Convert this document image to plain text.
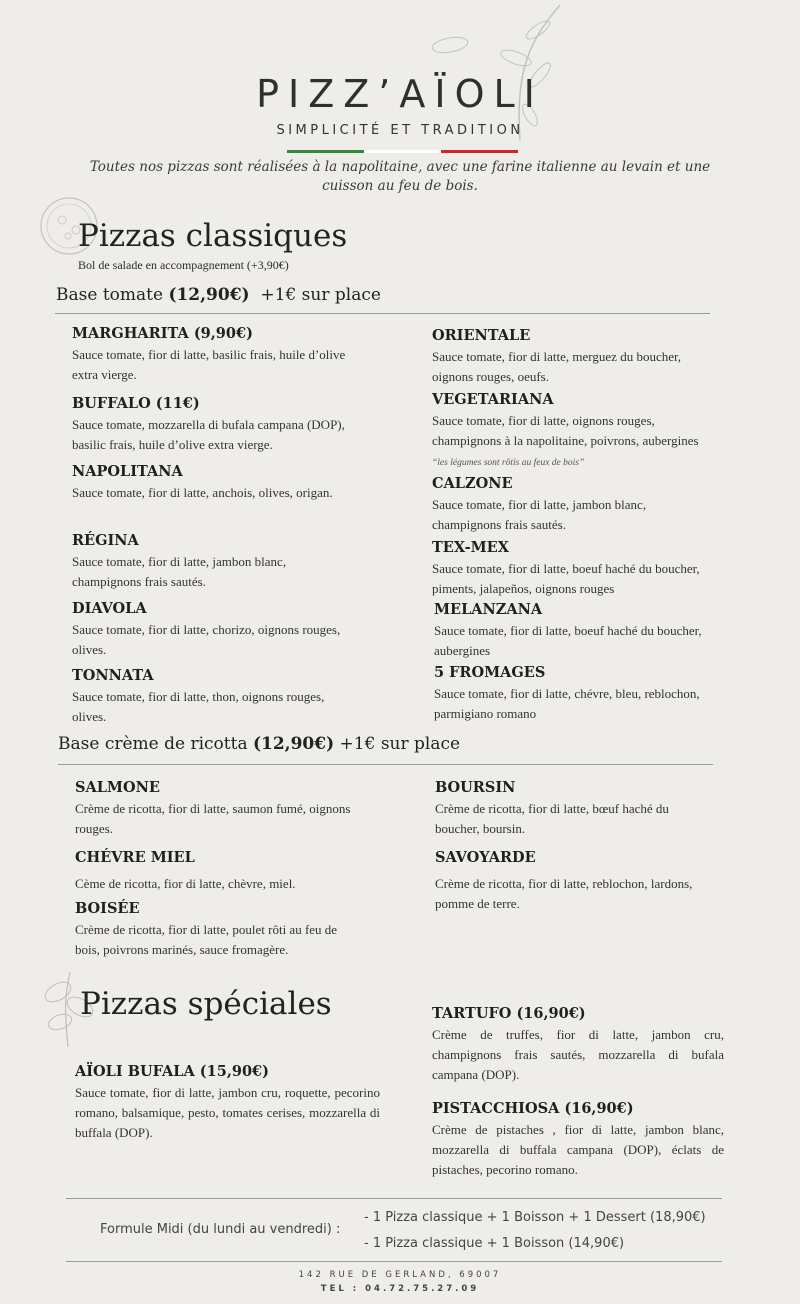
PIZZ’AÏOLI
SIMPLICITÉ ET TRADITION
Toutes nos pizzas sont réalisées à la napolitaine, avec une farine italienne au levain et une cuisson au feu de bois.
Pizzas classiques
Bol de salade en accompagnement (+3,90€)
Base tomate (12,90€)  +1€ sur place
MARGHARITA (9,90€)
Sauce tomate, fior di latte, basilic frais, huile d’olive extra vierge.
BUFFALO (11€)
Sauce tomate, mozzarella di bufala campana (DOP), basilic frais, huile d’olive extra vierge.
NAPOLITANA
Sauce tomate, fior di latte, anchois, olives, origan.
RÉGINA
Sauce tomate, fior di latte, jambon blanc, champignons frais sautés.
DIAVOLA
Sauce tomate, fior di latte, chorizo, oignons rouges, olives.
TONNATA
Sauce tomate, fior di latte, thon, oignons rouges, olives.
ORIENTALE
Sauce tomate, fior di latte, merguez du boucher, oignons rouges, oeufs.
VEGETARIANA
Sauce tomate, fior di latte, oignons rouges, champignons à la napolitaine, poivrons, aubergines “les légumes sont rôtis au feux de bois”
CALZONE
Sauce tomate, fior di latte, jambon blanc, champignons frais sautés.
TEX-MEX
Sauce tomate, fior di latte, boeuf haché du boucher, piments, jalapeños, oignons rouges
MELANZANA
Sauce tomate, fior di latte, boeuf haché du boucher, aubergines
5 FROMAGES
Sauce tomate, fior di latte, chévre, bleu, reblochon, parmigiano romano
Base crème de ricotta (12,90€) +1€ sur place
SALMONE
Crème de ricotta, fior di latte, saumon fumé, oignons rouges.
CHÉVRE MIEL
Cème de ricotta, fior di latte, chèvre, miel.
BOISÉE
Crème de ricotta, fior di latte, poulet rôti au feu de bois, poivrons marinés, sauce fromagère.
BOURSIN
Crème de ricotta, fior di latte, bœuf haché du boucher, boursin.
SAVOYARDE
Crème de ricotta, fior di latte, reblochon, lardons, pomme de terre.
Pizzas spéciales
AÏOLI BUFALA (15,90€)
Sauce tomate, fior di latte, jambon cru, roquette, pecorino romano, balsamique, pesto, tomates cerises, mozzarella di buffala (DOP).
TARTUFO (16,90€)
Crème de truffes, fior di latte, jambon cru, champignons frais sautés, mozzarella di bufala campana (DOP).
PISTACCHIOSA (16,90€)
Crème de pistaches , fior di latte, jambon blanc, mozzarella di buffala campana (DOP), éclats de pistaches, pecorino romano.
Formule Midi (du lundi au vendredi) :
- 1 Pizza classique + 1 Boisson + 1 Dessert (18,90€)
- 1 Pizza classique + 1 Boisson (14,90€)
142 RUE DE GERLAND, 69007
TEL : 04.72.75.27.09
